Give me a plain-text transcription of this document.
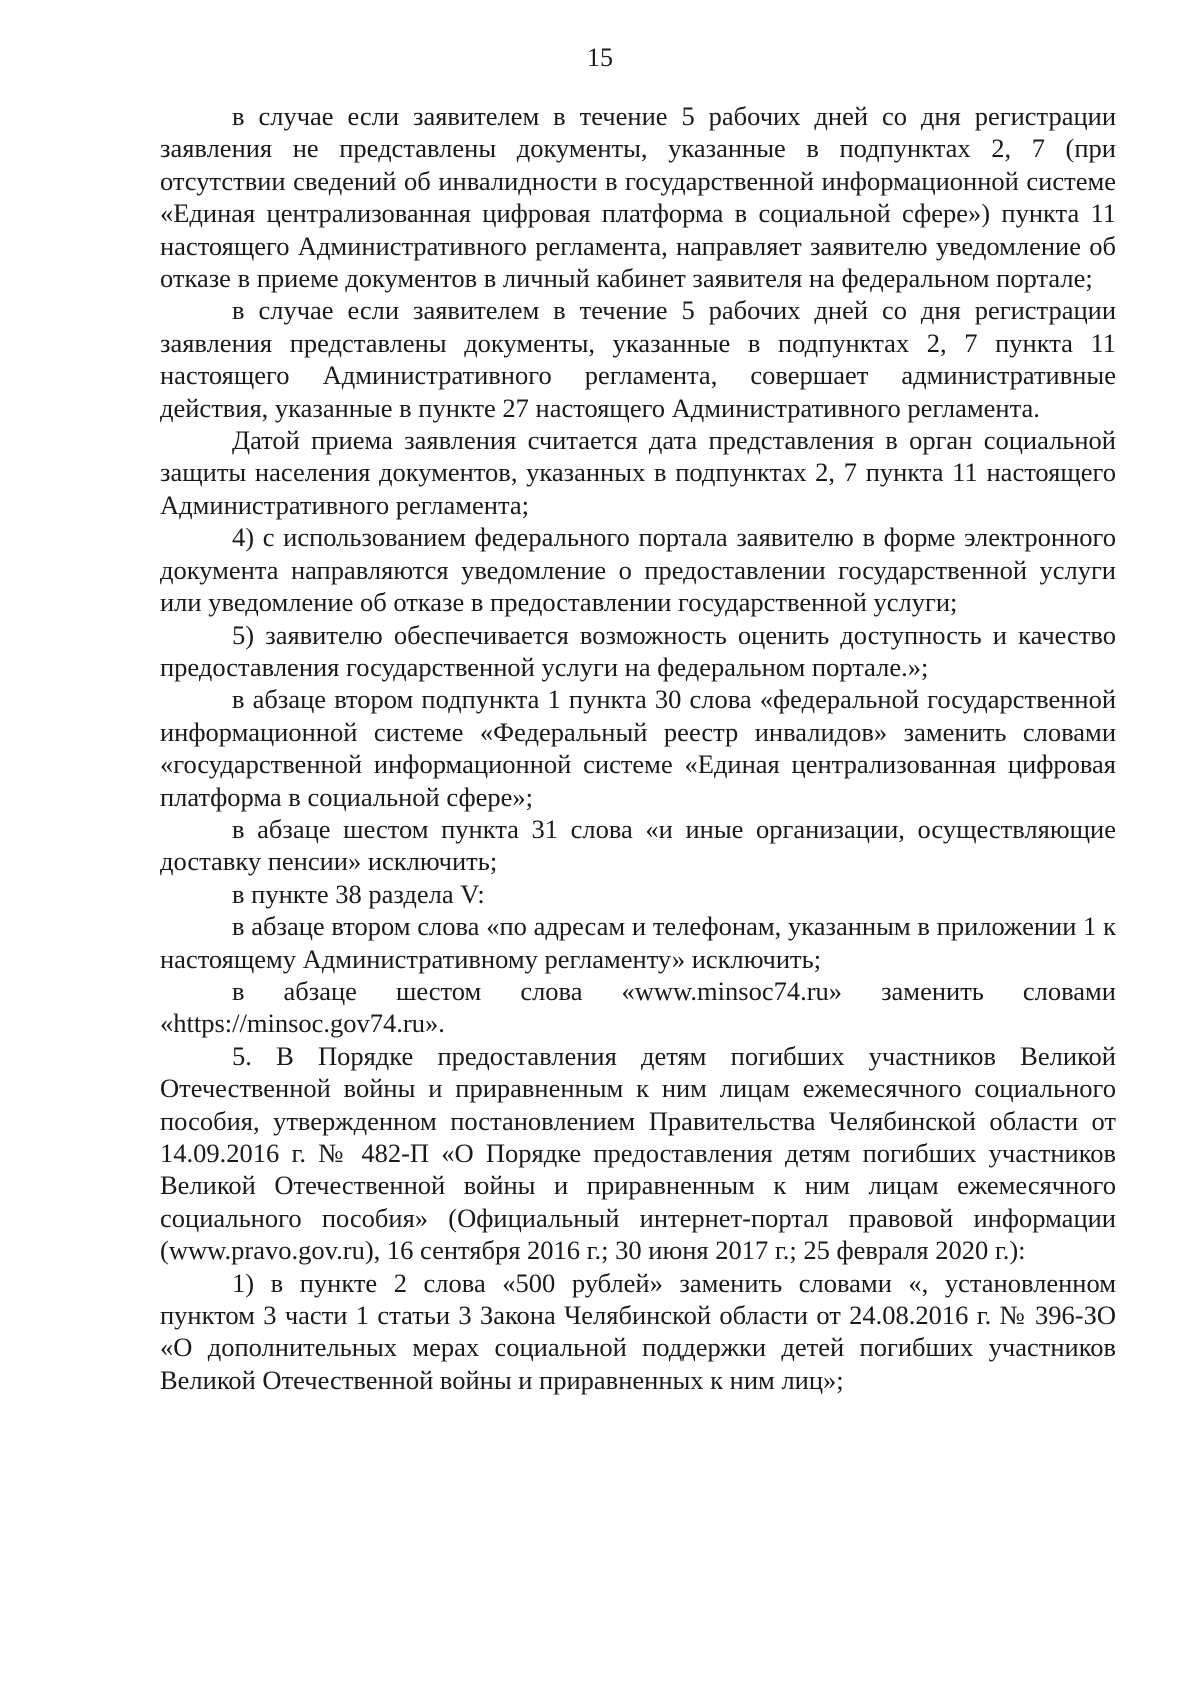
15

в случае если заявителем в течение 5 рабочих дней со дня регистрации заявления не представлены документы, указанные в подпунктах 2, 7 (при отсутствии сведений об инвалидности в государственной информационной системе «Единая централизованная цифровая платформа в социальной сфере») пункта 11 настоящего Административного регламента, направляет заявителю уведомление об отказе в приеме документов в личный кабинет заявителя на федеральном портале;

в случае если заявителем в течение 5 рабочих дней со дня регистрации заявления представлены документы, указанные в подпунктах 2, 7 пункта 11 настоящего Административного регламента, совершает административные действия, указанные в пункте 27 настоящего Административного регламента.

Датой приема заявления считается дата представления в орган социальной защиты населения документов, указанных в подпунктах 2, 7 пункта 11 настоящего Административного регламента;

4) с использованием федерального портала заявителю в форме электронного документа направляются уведомление о предоставлении государственной услуги или уведомление об отказе в предоставлении государственной услуги;

5) заявителю обеспечивается возможность оценить доступность и качество предоставления государственной услуги на федеральном портале.»;

в абзаце втором подпункта 1 пункта 30 слова «федеральной государственной информационной системе «Федеральный реестр инвалидов» заменить словами «государственной информационной системе «Единая централизованная цифровая платформа в социальной сфере»;

в абзаце шестом пункта 31 слова «и иные организации, осуществляющие доставку пенсии» исключить;

в пункте 38 раздела V:

в абзаце втором слова «по адресам и телефонам, указанным в приложении 1 к настоящему Административному регламенту» исключить;

в абзаце шестом слова «www.minsoc74.ru» заменить словами «https://minsoc.gov74.ru».

5. В Порядке предоставления детям погибших участников Великой Отечественной войны и приравненным к ним лицам ежемесячного социального пособия, утвержденном постановлением Правительства Челябинской области от 14.09.2016 г. № 482-П «О Порядке предоставления детям погибших участников Великой Отечественной войны и приравненным к ним лицам ежемесячного социального пособия» (Официальный интернет-портал правовой информации (www.pravo.gov.ru), 16 сентября 2016 г.; 30 июня 2017 г.; 25 февраля 2020 г.):

1) в пункте 2 слова «500 рублей» заменить словами «, установленном пунктом 3 части 1 статьи 3 Закона Челябинской области от 24.08.2016 г. № 396-ЗО «О дополнительных мерах социальной поддержки детей погибших участников Великой Отечественной войны и приравненных к ним лиц»;
